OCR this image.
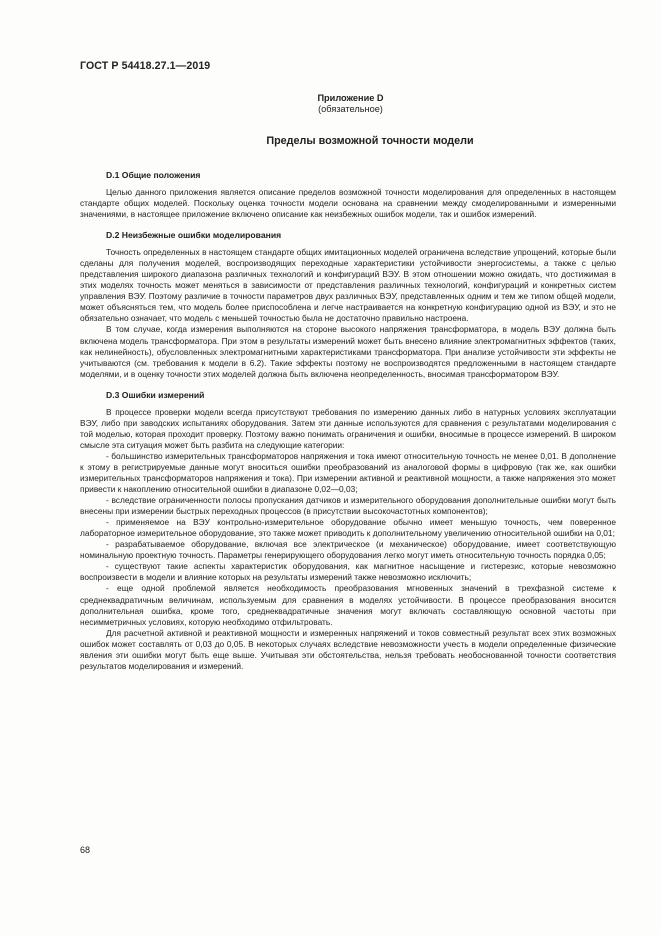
ГОСТ Р 54418.27.1—2019
Приложение D
(обязательное)
Пределы возможной точности модели
D.1 Общие положения

Целью данного приложения является описание пределов возможной точности моделирования для определенных в настоящем стандарте общих моделей. Поскольку оценка точности модели основана на сравнении между смоделированными и измеренными значениями, в настоящее приложение включено описание как неизбежных ошибок модели, так и ошибок измерений.

D.2 Неизбежные ошибки моделирования

Точность определенных в настоящем стандарте общих имитационных моделей ограничена вследствие упрощений, которые были сделаны для получения моделей, воспроизводящих переходные характеристики устойчивости энергосистемы, а также с целью представления широкого диапазона различных технологий и конфигураций ВЭУ. В этом отношении можно ожидать, что достижимая в этих моделях точность может меняться в зависимости от представления различных технологий, конфигураций и конкретных систем управления ВЭУ. Поэтому различие в точности параметров двух различных ВЭУ, представленных одним и тем же типом общей модели, может объясняться тем, что модель более приспособлена и легче настраивается на конкретную конфигурацию одной из ВЭУ, и это не обязательно означает, что модель с меньшей точностью была не достаточно правильно настроена.

В том случае, когда измерения выполняются на стороне высокого напряжения трансформатора, в модель ВЭУ должна быть включена модель трансформатора. При этом в результаты измерений может быть внесено влияние электромагнитных эффектов (таких, как нелинейность), обусловленных электромагнитными характеристиками трансформатора. При анализе устойчивости эти эффекты не учитываются (см. требования к модели в 6.2). Такие эффекты поэтому не воспроизводятся предложенными в настоящем стандарте моделями, и в оценку точности этих моделей должна быть включена неопределенность, вносимая трансформатором ВЭУ.

D.3 Ошибки измерений

В процессе проверки модели всегда присутствуют требования по измерению данных либо в натурных условиях эксплуатации ВЭУ, либо при заводских испытаниях оборудования. Затем эти данные используются для сравнения с результатами моделирования с той моделью, которая проходит проверку. Поэтому важно понимать ограничения и ошибки, вносимые в процессе измерений. В широком смысле эта ситуация может быть разбита на следующие категории:

- большинство измерительных трансформаторов напряжения и тока имеют относительную точность не менее 0,01. В дополнение к этому в регистрируемые данные могут вноситься ошибки преобразований из аналоговой формы в цифровую (так же, как ошибки измерительных трансформаторов напряжения и тока). При измерении активной и реактивной мощности, а также напряжения это может привести к накоплению относительной ошибки в диапазоне 0,02—0,03;

- вследствие ограниченности полосы пропускания датчиков и измерительного оборудования дополнительные ошибки могут быть внесены при измерении быстрых переходных процессов (в присутствии высокочастотных компонентов);

- применяемое на ВЭУ контрольно-измерительное оборудование обычно имеет меньшую точность, чем поверенное лабораторное измерительное оборудование, это также может приводить к дополнительному увеличению относительной ошибки на 0,01;

- разрабатываемое оборудование, включая все электрическое (и механическое) оборудование, имеет соответствующую номинальную проектную точность. Параметры генерирующего оборудования легко могут иметь относительную точность порядка 0,05;

- существуют такие аспекты характеристик оборудования, как магнитное насыщение и гистерезис, которые невозможно воспроизвести в модели и влияние которых на результаты измерений также невозможно исключить;

- еще одной проблемой является необходимость преобразования мгновенных значений в трехфазной системе к среднеквадратичным величинам, используемым для сравнения в моделях устойчивости. В процессе преобразования вносится дополнительная ошибка, кроме того, среднеквадратичные значения могут включать составляющую основной частоты при несимметричных условиях, которую необходимо отфильтровать.

Для расчетной активной и реактивной мощности и измеренных напряжений и токов совместный результат всех этих возможных ошибок может составлять от 0,03 до 0,05. В некоторых случаях вследствие невозможности учесть в модели определенные физические явления эти ошибки могут быть еще выше. Учитывая эти обстоятельства, нельзя требовать необоснованной точности соответствия результатов моделирования и измерений.

68
